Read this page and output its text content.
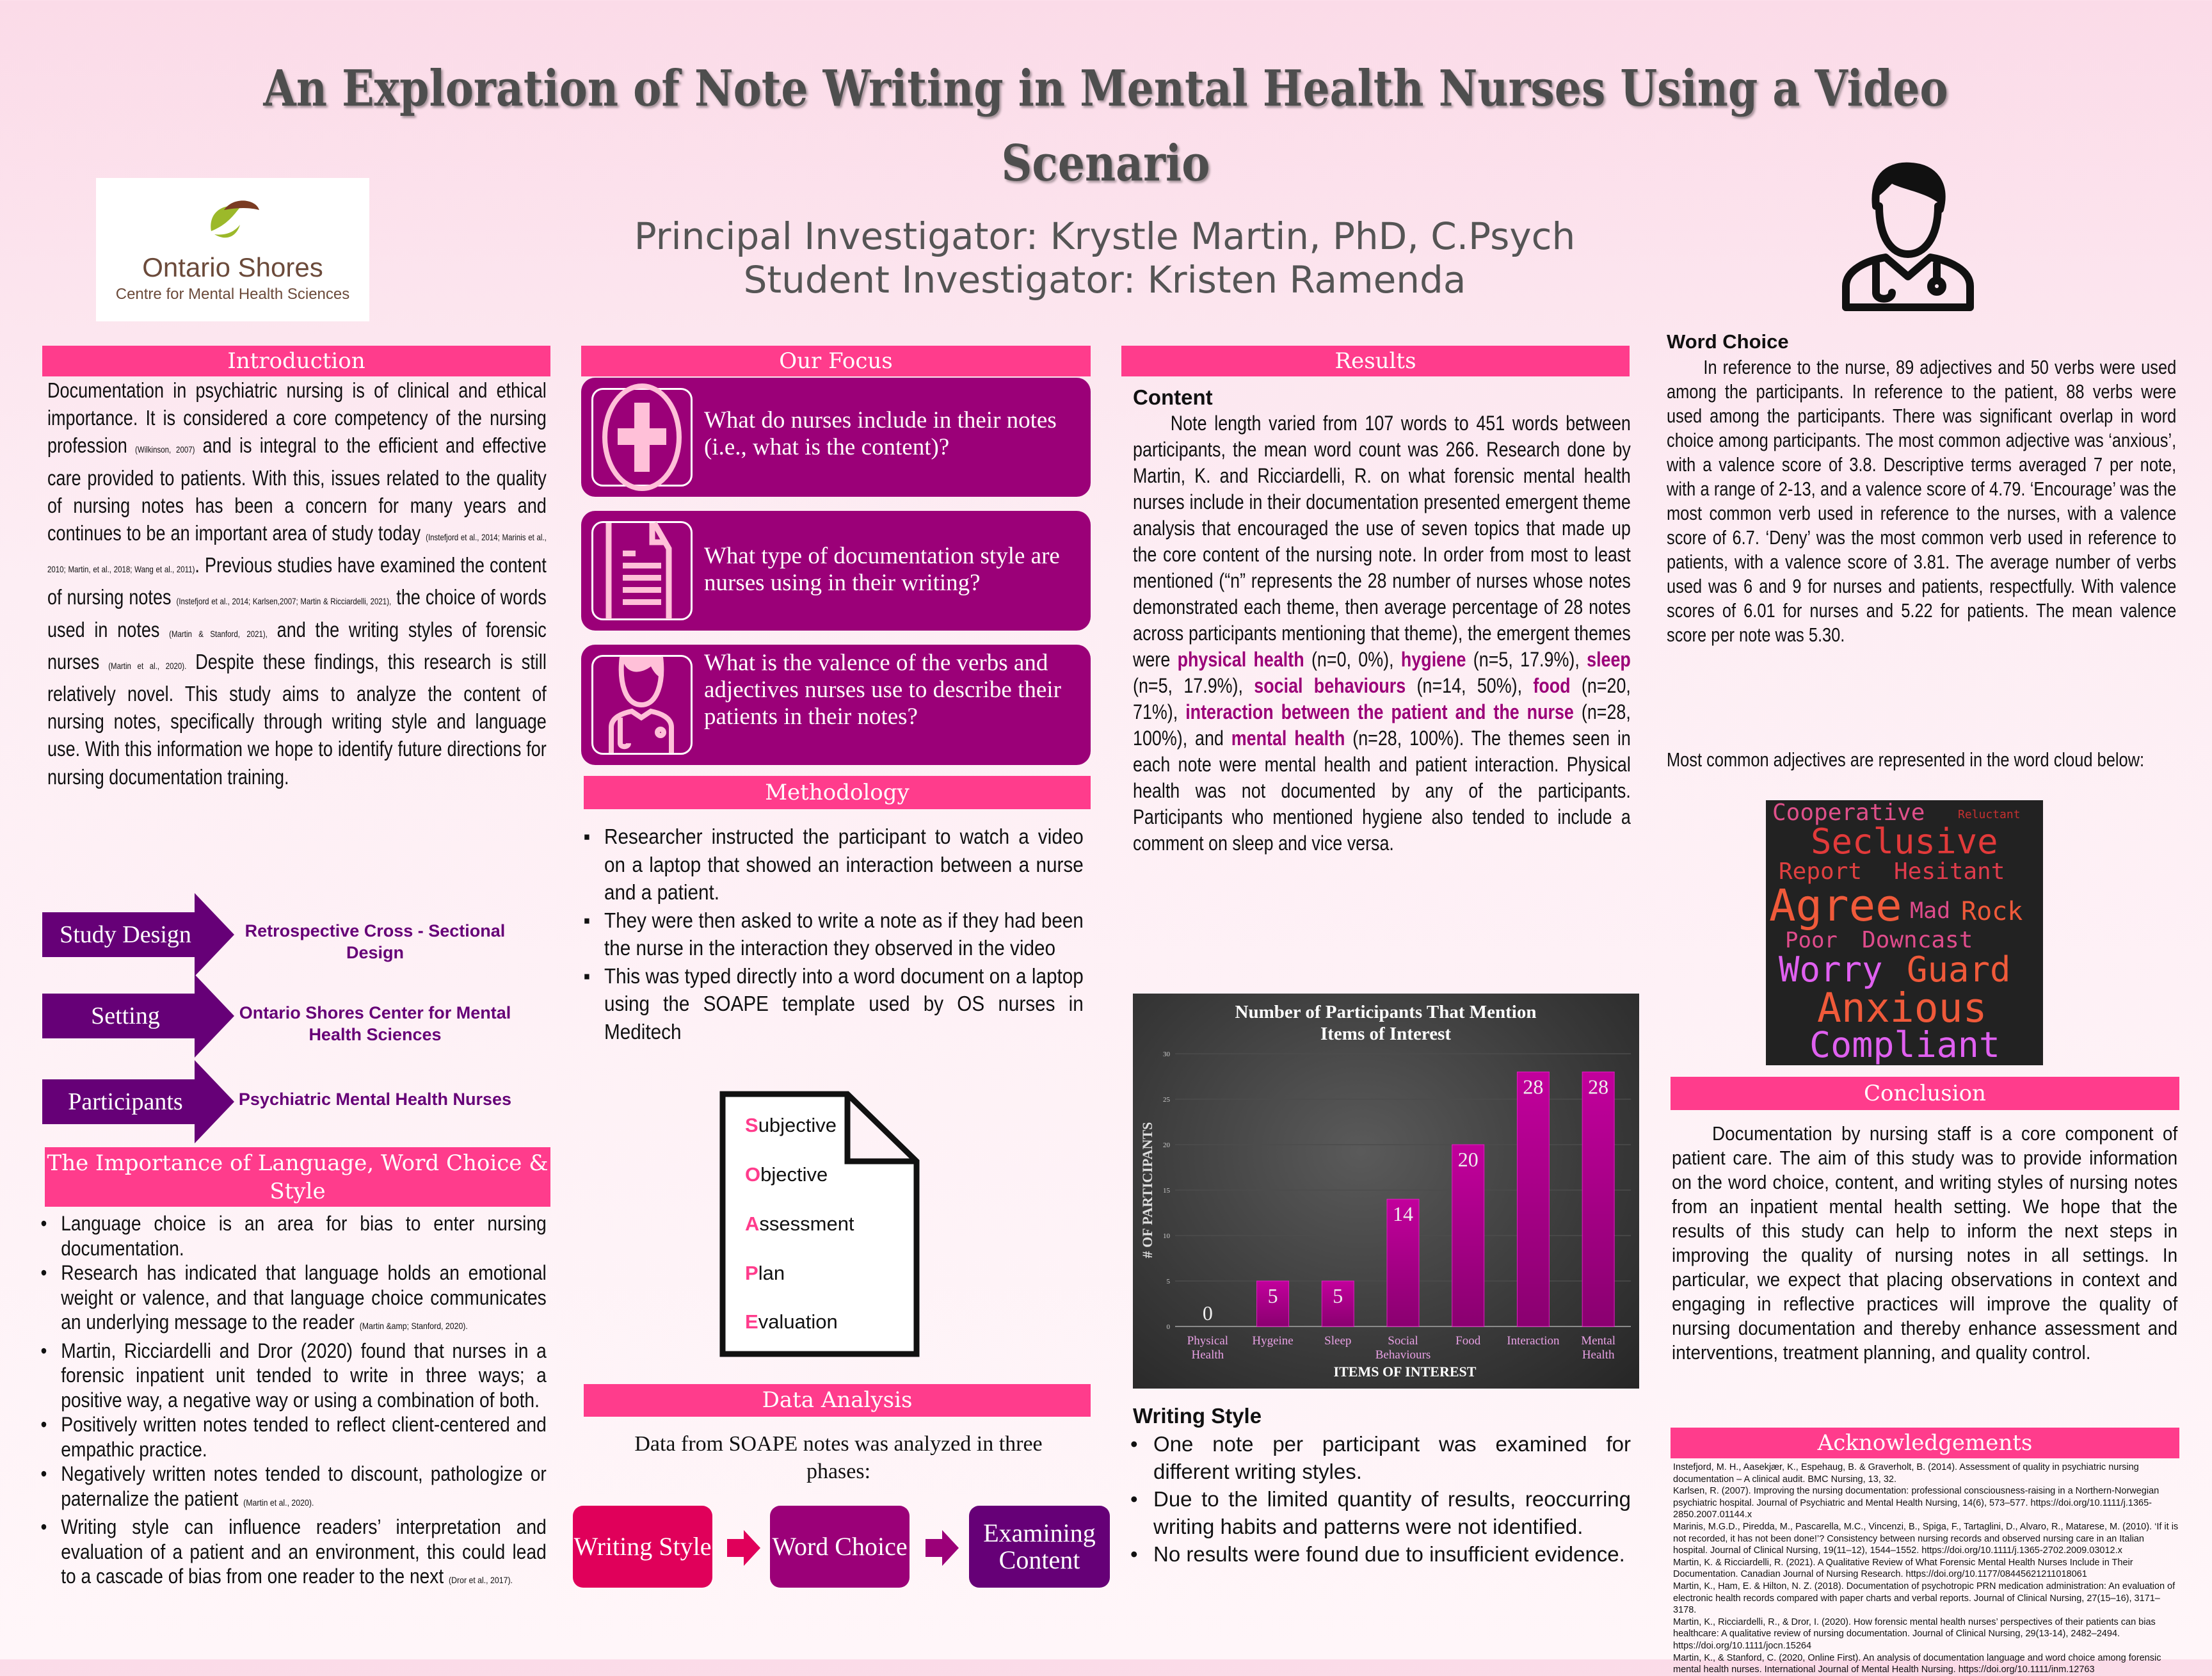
An Exploration of Note Writing in Mental Health Nurses Using a Video Scenario
Ontario Shores
Centre for Mental Health Sciences
Principal Investigator: Krystle Martin, PhD, C.Psych
Student Investigator: Kristen Ramenda
Introduction
Documentation in psychiatric nursing is of clinical and ethical importance. It is considered a core competency of the nursing profession (Wilkinson, 2007) and is integral to the efficient and effective care provided to patients. With this, issues related to the quality of nursing notes has been a concern for many years and continues to be an important area of study today (Instefjord et al., 2014; Marinis et al., 2010; Martin, et al., 2018; Wang et al., 2011). Previous studies have examined the content of nursing notes (Instefjord et al., 2014; Karlsen,2007; Martin & Ricciardelli, 2021), the choice of words used in notes (Martin & Stanford, 2021), and the writing styles of forensic nurses (Martin et al., 2020). Despite these findings, this research is still relatively novel. This study aims to analyze the content of nursing notes, specifically through writing style and language use. With this information we hope to identify future directions for nursing documentation training.
Study Design	Retrospective Cross - Sectional Design
Setting	Ontario Shores Center for Mental Health Sciences
Participants	Psychiatric Mental Health Nurses
The Importance of Language, Word Choice & Style
• Language choice is an area for bias to enter nursing documentation.
• Research has indicated that language holds an emotional weight or valence, and that language choice communicates an underlying message to the reader (Martin &amp; Stanford, 2020).
• Martin, Ricciardelli and Dror (2020) found that nurses in a forensic inpatient unit tended to write in three ways; a positive way, a negative way or using a combination of both.
• Positively written notes tended to reflect client-centered and empathic practice.
• Negatively written notes tended to discount, pathologize or paternalize the patient (Martin et al., 2020).
• Writing style can influence readers’ interpretation and evaluation of a patient and an environment, this could lead to a cascade of bias from one reader to the next (Dror et al., 2017).
Our Focus
What do nurses include in their notes (i.e., what is the content)?
What type of documentation style are nurses using in their writing?
What is the valence of the verbs and adjectives nurses use to describe their patients in their notes?
Methodology
▪ Researcher instructed the participant to watch a video on a laptop that showed an interaction between a nurse and a patient.
▪ They were then asked to write a note as if they had been the nurse in the interaction they observed in the video
▪ This was typed directly into a word document on a laptop using the SOAPE template used by OS nurses in Meditech
Subjective
Objective
Assessment
Plan
Evaluation
Data Analysis
Data from SOAPE notes was analyzed in three phases:
Writing Style Word Choice	Examining Content
Results
Content
Note length varied from 107 words to 451 words between participants, the mean word count was 266. Research done by Martin, K. and Ricciardelli, R. on what forensic mental health nurses include in their documentation presented emergent theme analysis that encouraged the use of seven topics that made up the core content of the nursing note. In order from most to least mentioned (“n” represents the 28 number of nurses whose notes demonstrated each theme, then average percentage of 28 notes across participants mentioning that theme), the emergent themes were physical health (n=0, 0%), hygiene (n=5, 17.9%), sleep (n=5, 17.9%), social behaviours (n=14, 50%), food (n=20, 71%), interaction between the patient and the nurse (n=28, 100%), and mental health (n=28, 100%). The themes seen in each note were mental health and patient interaction. Physical health was not documented by any of the participants. Participants who mentioned hygiene also tended to include a comment on sleep and vice versa.
Number of Participants That Mention
Items of Interest
0
5
10
15
20
25
30
# OF PARTICIPANTS
0
Physical
Health
5
Hygeine
5
Sleep
14
Social
Behaviours
20
Food
28
Interaction
28
Mental
Health
ITEMS OF INTEREST
Writing Style
• One note per participant was examined for different writing styles.
• Due to the limited quantity of results, reoccurring writing habits and patterns were not identified.
• No results were found due to insufficient evidence.
Word Choice
In reference to the nurse, 89 adjectives and 50 verbs were used among the participants. In reference to the patient, 88 verbs were used among the participants. There was significant overlap in word choice among participants. The most common adjective was ‘anxious’, with a valence score of 3.8. Descriptive terms averaged 7 per note, with a range of 2-13, and a valence score of 4.79. ‘Encourage’ was the most common verb used in reference to the nurses, with a valence score of 6.7. ‘Deny’ was the most common verb used in reference to patients, with a valence score of 3.81. The average number of verbs used was 6 and 9 for nurses and patients, respectfully. With valence scores of 6.01 for nurses and 5.22 for patients. The mean valence score per note was 5.30.
Most common adjectives are represented in the word cloud below:
Cooperative	Reluctant
Seclusive
Report Hesitant
Agree Mad Rock
Poor Downcast
Worry Guard
Anxious
Compliant
Conclusion
Documentation by nursing staff is a core component of patient care. The aim of this study was to provide information on the word choice, content, and writing styles of nursing notes from an inpatient mental health setting. We hope that the results of this study can help to inform the next steps in improving the quality of nursing notes in all settings. In particular, we expect that placing observations in context and engaging in reflective practices will improve the quality of nursing documentation and thereby enhance assessment and interventions, treatment planning, and quality control.
Acknowledgements

Instefjord, M. H., Aasekjær, K., Espehaug, B. & Graverholt, B. (2014). Assessment of quality in psychiatric nursing documentation – A clinical audit. BMC Nursing, 13, 32.

Karlsen, R. (2007). Improving the nursing documentation: professional consciousness-raising in a Northern-Norwegian psychiatric hospital. Journal of Psychiatric and Mental Health Nursing, 14(6), 573–577. https://doi.org/10.1111/j.1365-2850.2007.01144.x

Marinis, M.G.D., Piredda, M., Pascarella, M.C., Vincenzi, B., Spiga, F., Tartaglini, D., Alvaro, R., Matarese, M. (2010). ‘If it is not recorded, it has not been done!’? Consistency between nursing records and observed nursing care in an Italian hospital. Journal of Clinical Nursing, 19(11–12), 1544–1552. https://doi.org/10.1111/j.1365-2702.2009.03012.x

Martin, K. & Ricciardelli, R. (2021). A Qualitative Review of What Forensic Mental Health Nurses Include in Their Documentation. Canadian Journal of Nursing Research. https://doi.org/10.1177/08445621211018061

Martin, K., Ham, E. & Hilton, N. Z. (2018). Documentation of psychotropic PRN medication administration: An evaluation of electronic health records compared with paper charts and verbal reports. Journal of Clinical Nursing, 27(15–16), 3171–3178.

Martin, K., Ricciardelli, R., & Dror, I. (2020). How forensic mental health nurses’ perspectives of their patients can bias healthcare: A qualitative review of nursing documentation. Journal of Clinical Nursing, 29(13-14), 2482–2494. https://doi.org/10.1111/jocn.15264

Martin, K., & Stanford, C. (2020, Online First). An analysis of documentation language and word choice among forensic mental health nurses. International Journal of Mental Health Nursing. https://doi.org/10.1111/inm.12763
